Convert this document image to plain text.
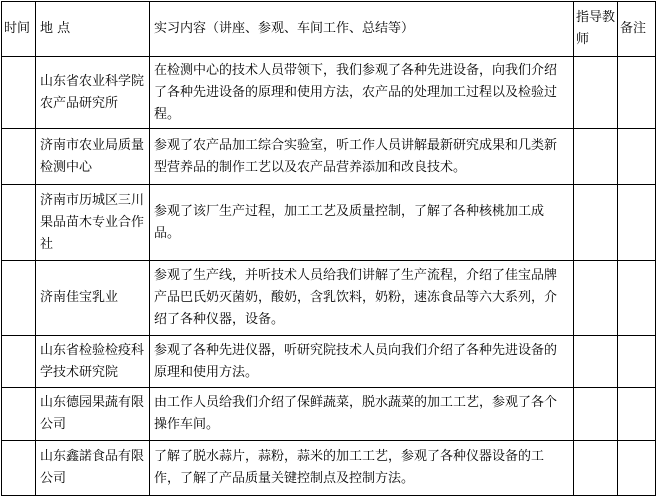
时间	地 点	实习内容（讲座、参观、车间工作、总结等）	指导教师	备注
	山东省农业科学院农产品研究所	在检测中心的技术人员带领下，我们参观了各种先进设备，向我们介绍了各种先进设备的原理和使用方法，农产品的处理加工过程以及检验过程。		
	济南市农业局质量检测中心	参观了农产品加工综合实验室，听工作人员讲解最新研究成果和几类新型营养品的制作工艺以及农产品营养添加和改良技术。		
	济南市历城区三川果品苗木专业合作社	参观了该厂生产过程，加工工艺及质量控制，了解了各种核桃加工成品。		
	济南佳宝乳业	参观了生产线，并听技术人员给我们讲解了生产流程，介绍了佳宝品牌产品巴氏奶灭菌奶，酸奶，含乳饮料，奶粉，速冻食品等六大系列，介绍了各种仪器，设备。		
	山东省检验检疫科学技术研究院	参观了各种先进仪器，听研究院技术人员向我们介绍了各种先进设备的原理和使用方法。		
	山东德园果蔬有限公司	由工作人员给我们介绍了保鲜蔬菜，脱水蔬菜的加工工艺，参观了各个操作车间。		
	山东鑫諾食品有限公司	了解了脱水蒜片，蒜粉，蒜米的加工工艺，参观了各种仪器设备的工作，了解了产品质量关键控制点及控制方法。		
